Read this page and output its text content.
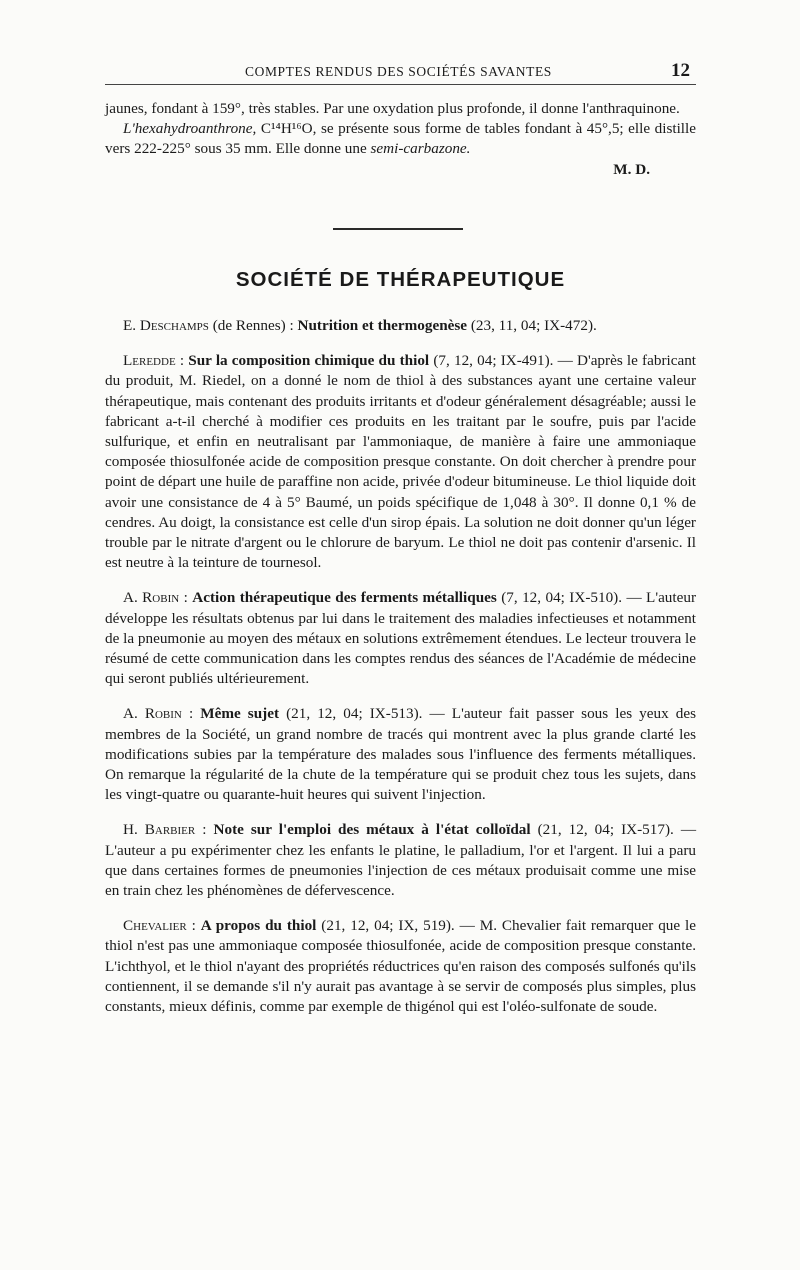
COMPTES RENDUS DES SOCIÉTÉS SAVANTES	12

jaunes, fondant à 159°, très stables. Par une oxydation plus profonde, il donne l'anthraquinone.

L'hexahydroanthrone, C¹⁴H¹⁶O, se présente sous forme de tables fondant à 45°,5; elle distille vers 222-225° sous 35 mm. Elle donne une semi-carbazone.

M. D.

SOCIÉTÉ DE THÉRAPEUTIQUE

E. Deschamps (de Rennes) : Nutrition et thermogenèse (23, 11, 04; IX-472).

Leredde : Sur la composition chimique du thiol (7, 12, 04; IX-491). — D'après le fabricant du produit, M. Riedel, on a donné le nom de thiol à des substances ayant une certaine valeur thérapeutique, mais contenant des produits irritants et d'odeur généralement désagréable; aussi le fabricant a-t-il cherché à modifier ces produits en les traitant par le soufre, puis par l'acide sulfurique, et enfin en neutralisant par l'ammoniaque, de manière à faire une ammoniaque composée thiosulfonée acide de composition presque constante. On doit chercher à prendre pour point de départ une huile de paraffine non acide, privée d'odeur bitumineuse. Le thiol liquide doit avoir une consistance de 4 à 5° Baumé, un poids spécifique de 1,048 à 30°. Il donne 0,1 % de cendres. Au doigt, la consistance est celle d'un sirop épais. La solution ne doit donner qu'un léger trouble par le nitrate d'argent ou le chlorure de baryum. Le thiol ne doit pas contenir d'arsenic. Il est neutre à la teinture de tournesol.

A. Robin : Action thérapeutique des ferments métalliques (7, 12, 04; IX-510). — L'auteur développe les résultats obtenus par lui dans le traitement des maladies infectieuses et notamment de la pneumonie au moyen des métaux en solutions extrêmement étendues. Le lecteur trouvera le résumé de cette communication dans les comptes rendus des séances de l'Académie de médecine qui seront publiés ultérieurement.

A. Robin : Même sujet (21, 12, 04; IX-513). — L'auteur fait passer sous les yeux des membres de la Société, un grand nombre de tracés qui montrent avec la plus grande clarté les modifications subies par la température des malades sous l'influence des ferments métalliques. On remarque la régularité de la chute de la température qui se produit chez tous les sujets, dans les vingt-quatre ou quarante-huit heures qui suivent l'injection.

H. Barbier : Note sur l'emploi des métaux à l'état colloïdal (21, 12, 04; IX-517). — L'auteur a pu expérimenter chez les enfants le platine, le palladium, l'or et l'argent. Il lui a paru que dans certaines formes de pneumonies l'injection de ces métaux produisait comme une mise en train chez les phénomènes de défervescence.

Chevalier : A propos du thiol (21, 12, 04; IX, 519). — M. Chevalier fait remarquer que le thiol n'est pas une ammoniaque composée thiosulfonée, acide de composition presque constante. L'ichthyol, et le thiol n'ayant des propriétés réductrices qu'en raison des composés sulfonés qu'ils contiennent, il se demande s'il n'y aurait pas avantage à se servir de composés plus simples, plus constants, mieux définis, comme par exemple de thigénol qui est l'oléo-sulfonate de soude.
